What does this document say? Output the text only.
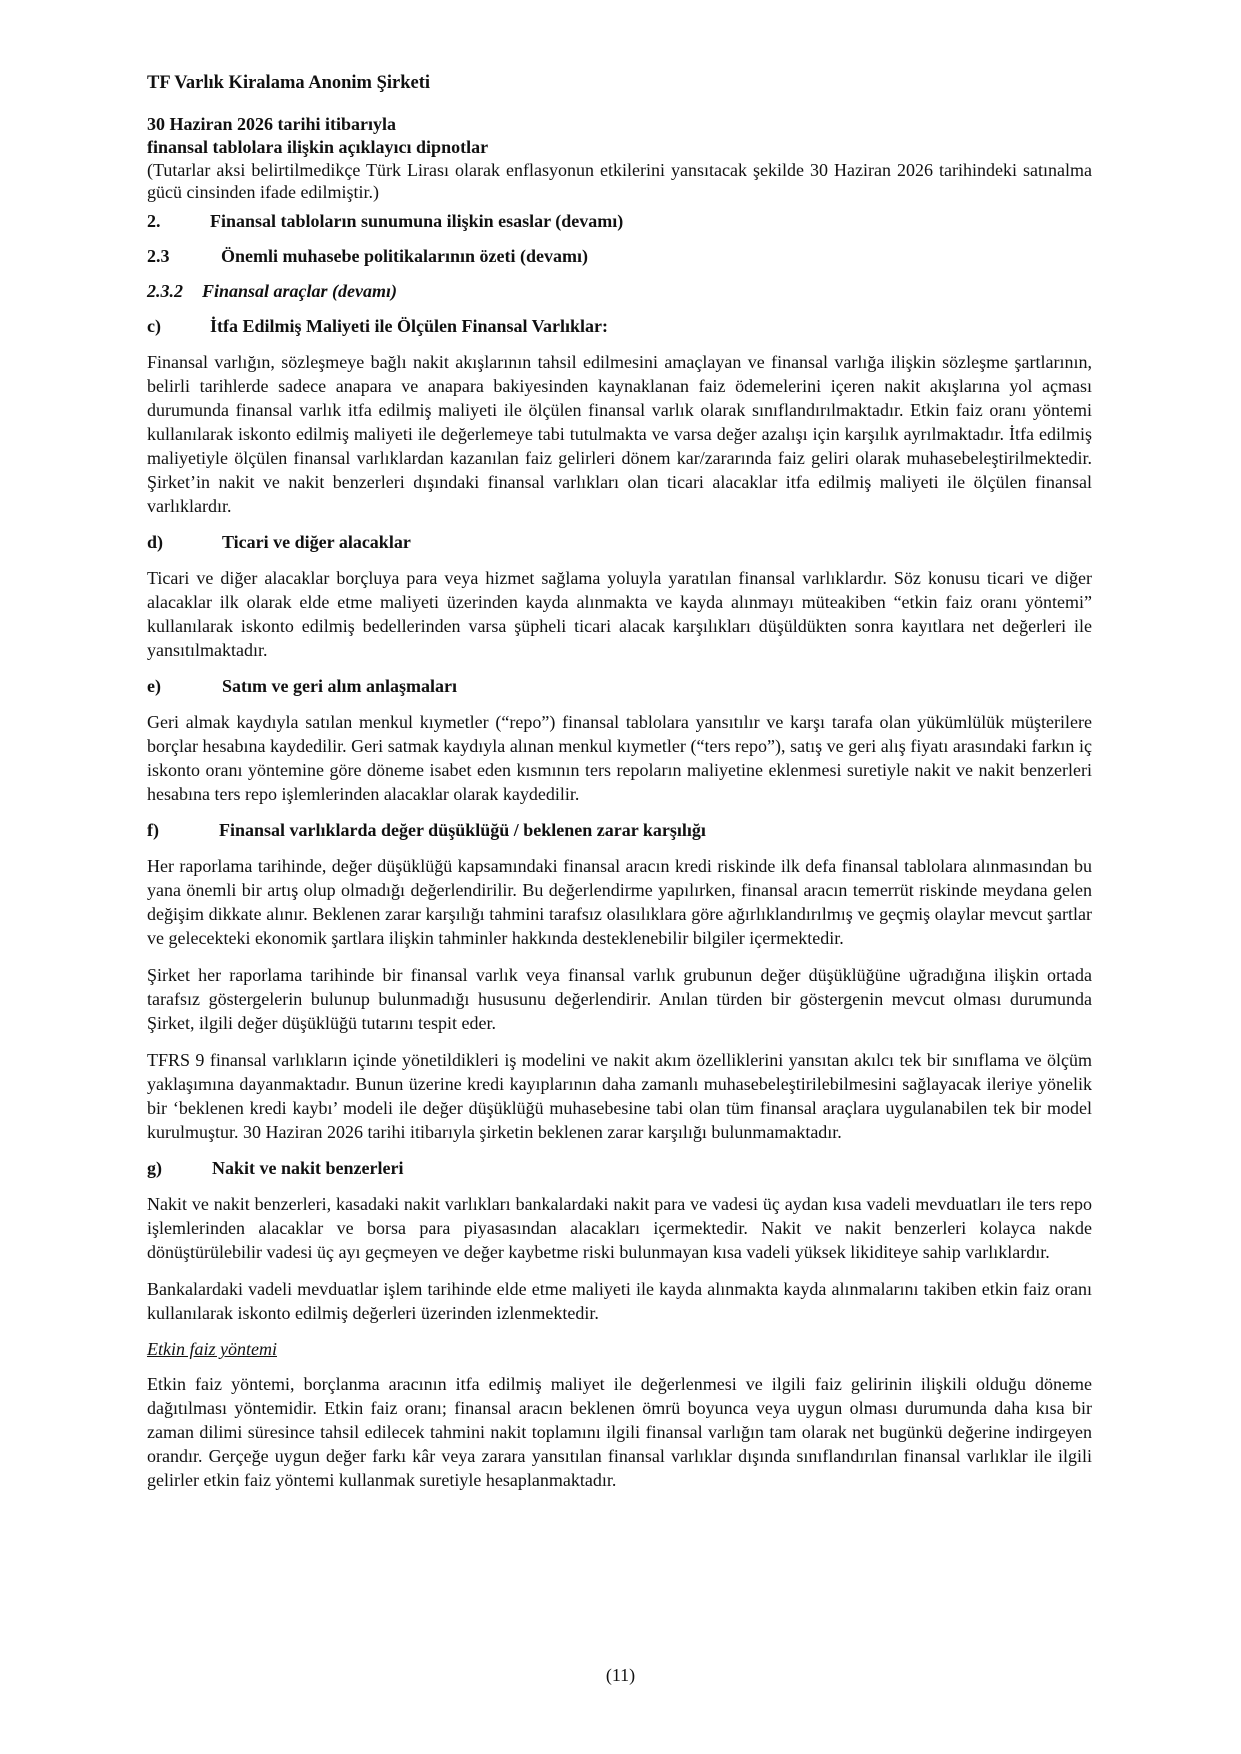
TF Varlık Kiralama Anonim Şirketi
30 Haziran 2026 tarihi itibarıyla
finansal tablolara ilişkin açıklayıcı dipnotlar
(Tutarlar aksi belirtilmedikçe Türk Lirası olarak enflasyonun etkilerini yansıtacak şekilde 30 Haziran 2026 tarihindeki satınalma gücü cinsinden ifade edilmiştir.)
2.	Finansal tabloların sunumuna ilişkin esaslar (devamı)
2.3	Önemli muhasebe politikalarının özeti (devamı)
2.3.2	Finansal araçlar (devamı)
c)	İtfa Edilmiş Maliyeti ile Ölçülen Finansal Varlıklar:

Finansal varlığın, sözleşmeye bağlı nakit akışlarının tahsil edilmesini amaçlayan ve finansal varlığa ilişkin sözleşme şartlarının, belirli tarihlerde sadece anapara ve anapara bakiyesinden kaynaklanan faiz ödemelerini içeren nakit akışlarına yol açması durumunda finansal varlık itfa edilmiş maliyeti ile ölçülen finansal varlık olarak sınıflandırılmaktadır. Etkin faiz oranı yöntemi kullanılarak iskonto edilmiş maliyeti ile değerlemeye tabi tutulmakta ve varsa değer azalışı için karşılık ayrılmaktadır. İtfa edilmiş maliyetiyle ölçülen finansal varlıklardan kazanılan faiz gelirleri dönem kar/zararında faiz geliri olarak muhasebeleştirilmektedir. Şirket’in nakit ve nakit benzerleri dışındaki finansal varlıkları olan ticari alacaklar itfa edilmiş maliyeti ile ölçülen finansal varlıklardır.

d)	Ticari ve diğer alacaklar

Ticari ve diğer alacaklar borçluya para veya hizmet sağlama yoluyla yaratılan finansal varlıklardır. Söz konusu ticari ve diğer alacaklar ilk olarak elde etme maliyeti üzerinden kayda alınmakta ve kayda alınmayı müteakiben “etkin faiz oranı yöntemi” kullanılarak iskonto edilmiş bedellerinden varsa şüpheli ticari alacak karşılıkları düşüldükten sonra kayıtlara net değerleri ile yansıtılmaktadır.

e)	Satım ve geri alım anlaşmaları

Geri almak kaydıyla satılan menkul kıymetler (“repo”) finansal tablolara yansıtılır ve karşı tarafa olan yükümlülük müşterilere borçlar hesabına kaydedilir. Geri satmak kaydıyla alınan menkul kıymetler (“ters repo”), satış ve geri alış fiyatı arasındaki farkın iç iskonto oranı yöntemine göre döneme isabet eden kısmının ters repoların maliyetine eklenmesi suretiyle nakit ve nakit benzerleri hesabına ters repo işlemlerinden alacaklar olarak kaydedilir.

f)	Finansal varlıklarda değer düşüklüğü / beklenen zarar karşılığı

Her raporlama tarihinde, değer düşüklüğü kapsamındaki finansal aracın kredi riskinde ilk defa finansal tablolara alınmasından bu yana önemli bir artış olup olmadığı değerlendirilir. Bu değerlendirme yapılırken, finansal aracın temerrüt riskinde meydana gelen değişim dikkate alınır. Beklenen zarar karşılığı tahmini tarafsız olasılıklara göre ağırlıklandırılmış ve geçmiş olaylar mevcut şartlar ve gelecekteki ekonomik şartlara ilişkin tahminler hakkında desteklenebilir bilgiler içermektedir.

Şirket her raporlama tarihinde bir finansal varlık veya finansal varlık grubunun değer düşüklüğüne uğradığına ilişkin ortada tarafsız göstergelerin bulunup bulunmadığı hususunu değerlendirir. Anılan türden bir göstergenin mevcut olması durumunda Şirket, ilgili değer düşüklüğü tutarını tespit eder.

TFRS 9 finansal varlıkların içinde yönetildikleri iş modelini ve nakit akım özelliklerini yansıtan akılcı tek bir sınıflama ve ölçüm yaklaşımına dayanmaktadır. Bunun üzerine kredi kayıplarının daha zamanlı muhasebeleştirilebilmesini sağlayacak ileriye yönelik bir ‘beklenen kredi kaybı’ modeli ile değer düşüklüğü muhasebesine tabi olan tüm finansal araçlara uygulanabilen tek bir model kurulmuştur. 30 Haziran 2026 tarihi itibarıyla şirketin beklenen zarar karşılığı bulunmamaktadır.

g)	Nakit ve nakit benzerleri

Nakit ve nakit benzerleri, kasadaki nakit varlıkları bankalardaki nakit para ve vadesi üç aydan kısa vadeli mevduatları ile ters repo işlemlerinden alacaklar ve borsa para piyasasından alacakları içermektedir. Nakit ve nakit benzerleri kolayca nakde dönüştürülebilir vadesi üç ayı geçmeyen ve değer kaybetme riski bulunmayan kısa vadeli yüksek likiditeye sahip varlıklardır.

Bankalardaki vadeli mevduatlar işlem tarihinde elde etme maliyeti ile kayda alınmakta kayda alınmalarını takiben etkin faiz oranı kullanılarak iskonto edilmiş değerleri üzerinden izlenmektedir.

Etkin faiz yöntemi

Etkin faiz yöntemi, borçlanma aracının itfa edilmiş maliyet ile değerlenmesi ve ilgili faiz gelirinin ilişkili olduğu döneme dağıtılması yöntemidir. Etkin faiz oranı; finansal aracın beklenen ömrü boyunca veya uygun olması durumunda daha kısa bir zaman dilimi süresince tahsil edilecek tahmini nakit toplamını ilgili finansal varlığın tam olarak net bugünkü değerine indirgeyen orandır. Gerçeğe uygun değer farkı kâr veya zarara yansıtılan finansal varlıklar dışında sınıflandırılan finansal varlıklar ile ilgili gelirler etkin faiz yöntemi kullanmak suretiyle hesaplanmaktadır.

(11)
